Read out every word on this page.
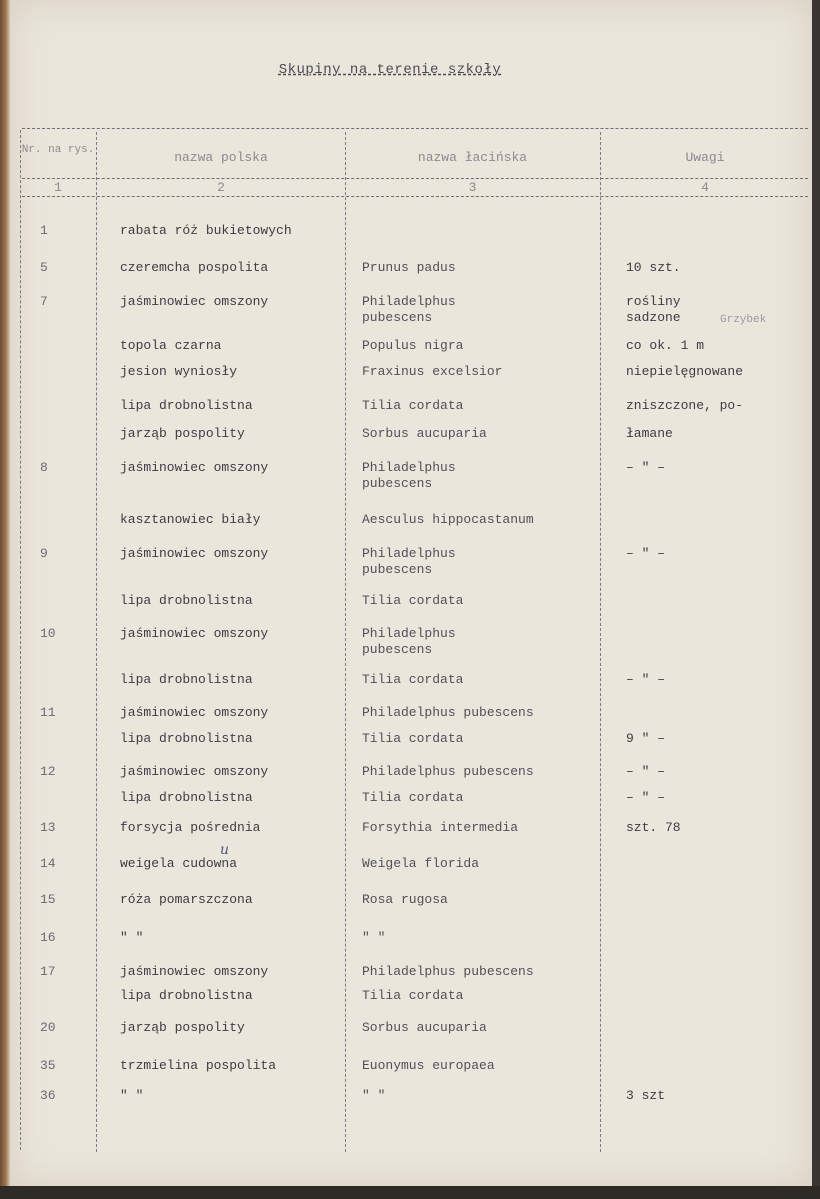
Skupiny na terenie szkoły
Nr. na rys.	nazwa polska	nazwa łacińska	Uwagi
1	2	3	4
1	rabata róż bukietowych
5	czeremcha pospolita	Prunus padus	10 szt.
7	jaśminowiec omszony	Philadelphus	rośliny
pubescens	sadzone
topola czarna	Populus nigra	co ok. 1 m
jesion wyniosły	Fraxinus excelsior	niepielęgnowane
lipa drobnolistna	Tilia cordata	zniszczone, po-
jarząb pospolity	Sorbus aucuparia	łamane
8	jaśminowiec omszony	Philadelphus	– " –
pubescens
kasztanowiec biały	Aesculus hippocastanum
9	jaśminowiec omszony	Philadelphus	– " –
pubescens
lipa drobnolistna	Tilia cordata
10	jaśminowiec omszony	Philadelphus
pubescens
lipa drobnolistna	Tilia cordata	– " –
11	jaśminowiec omszony	Philadelphus pubescens
lipa drobnolistna	Tilia cordata	9 " –
12	jaśminowiec omszony	Philadelphus pubescens	– " –
lipa drobnolistna	Tilia cordata	– " –
13	forsycja pośrednia	Forsythia intermedia	szt. 78
14	weigela cudowna	Weigela florida
15	róża pomarszczona	Rosa rugosa
16	" "	" "
17	jaśminowiec omszony	Philadelphus pubescens
lipa drobnolistna	Tilia cordata
20	jarząb pospolity	Sorbus aucuparia
35	trzmielina pospolita	Euonymus europaea
36	" "	" "	3 szt
Grzybek
u
